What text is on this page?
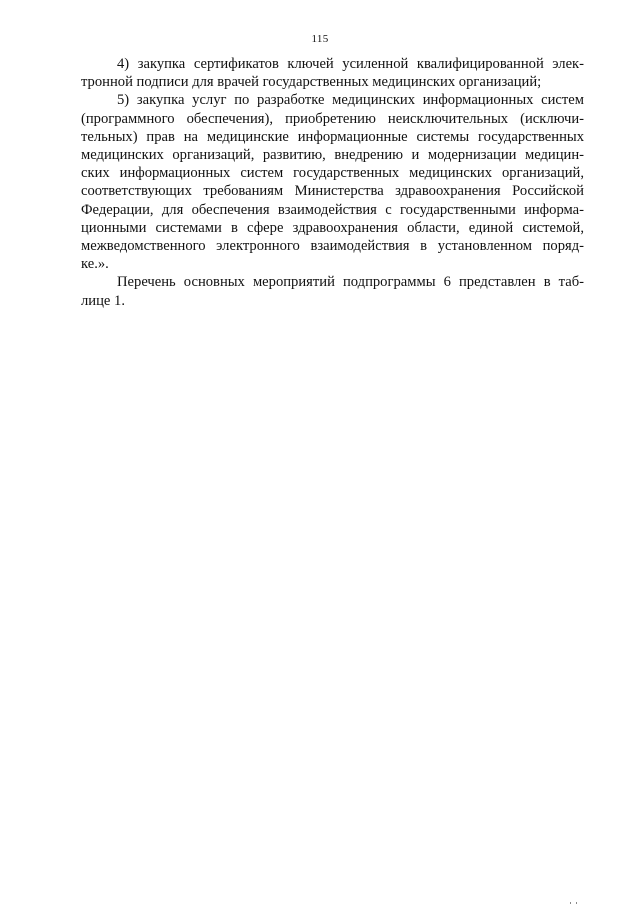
115

4) закупка сертификатов ключей усиленной квалифицированной элек-
тронной подписи для врачей государственных медицинских организаций;

5) закупка услуг по разработке медицинских информационных систем
(программного обеспечения), приобретению неисключительных (исключи-
тельных) прав на медицинские информационные системы государственных
медицинских организаций, развитию, внедрению и модернизации медицин-
ских информационных систем государственных медицинских организаций,
соответствующих требованиям Министерства здравоохранения Российской
Федерации, для обеспечения взаимодействия с государственными информа-
ционными системами в сфере здравоохранения области, единой системой,
межведомственного электронного взаимодействия в установленном поряд-
ке.».

Перечень основных мероприятий подпрограммы 6 представлен в таб-
лице 1.
